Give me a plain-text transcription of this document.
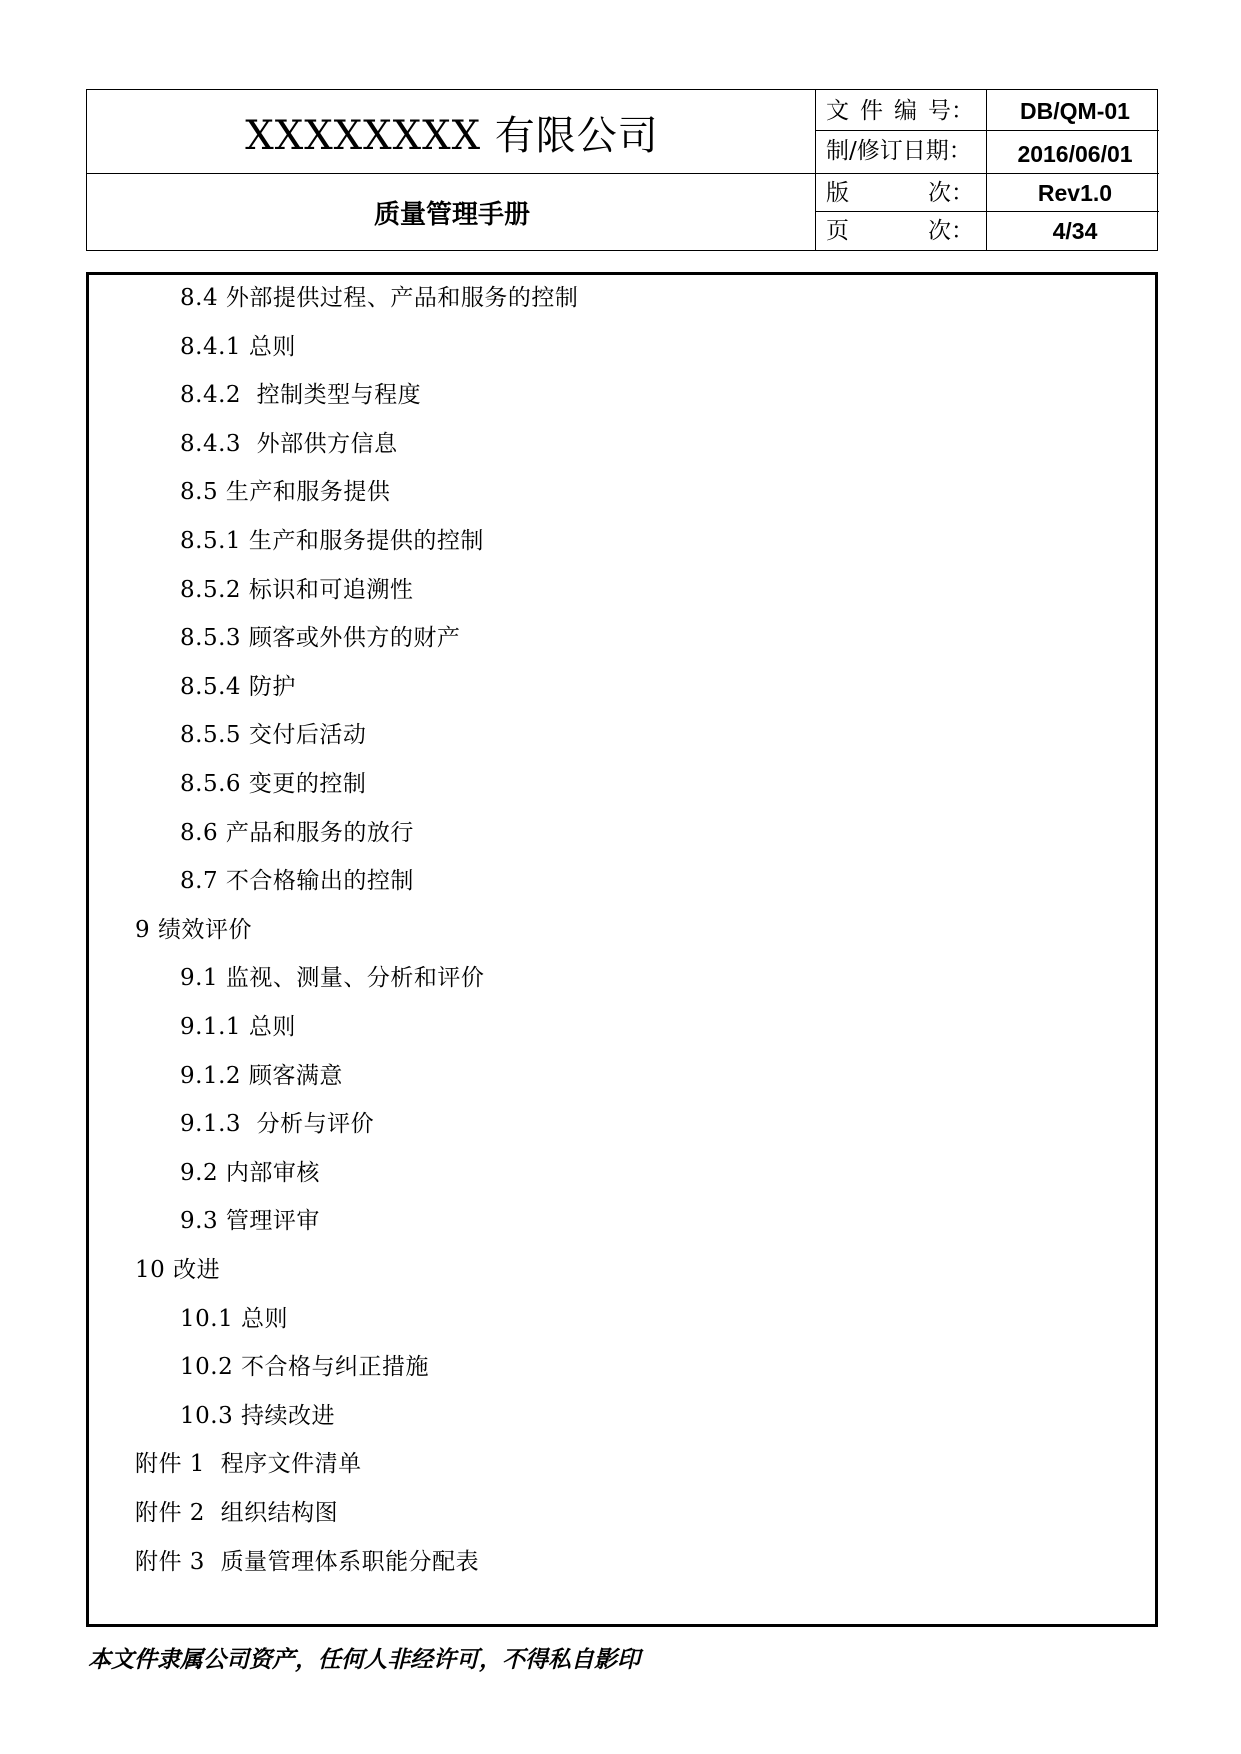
XXXXXXXX 有限公司
质量管理手册
文 件 编 号：	DB/QM-01
制/修订日期：	2016/06/01
版	次：	Rev1.0
页	次：	4/34
8.4 外部提供过程、产品和服务的控制
8.4.1 总则
8.4.2  控制类型与程度
8.4.3  外部供方信息
8.5 生产和服务提供
8.5.1 生产和服务提供的控制
8.5.2 标识和可追溯性
8.5.3 顾客或外供方的财产
8.5.4 防护
8.5.5 交付后活动
8.5.6 变更的控制
8.6 产品和服务的放行
8.7 不合格输出的控制
9 绩效评价
9.1 监视、测量、分析和评价
9.1.1 总则
9.1.2 顾客满意
9.1.3  分析与评价
9.2 内部审核
9.3 管理评审
10 改进
10.1 总则
10.2 不合格与纠正措施
10.3 持续改进
附件 1  程序文件清单
附件 2  组织结构图
附件 3  质量管理体系职能分配表
本文件隶属公司资产，任何人非经许可，不得私自影印
